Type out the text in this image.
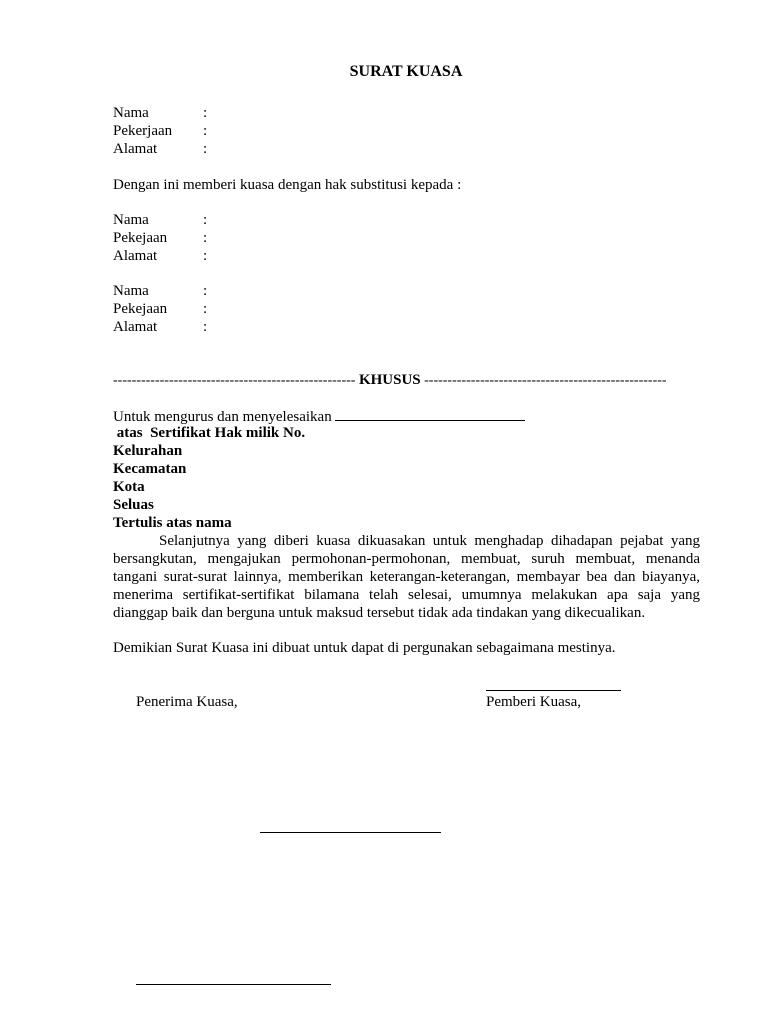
SURAT KUASA
Nama	:
Pekerjaan :
Alamat	:
Dengan ini memberi kuasa dengan hak substitusi kepada :
Nama	:
Pekejaan :
Alamat	:
Nama	:
Pekejaan :
Alamat	:
---------------------------------------------------- KHUSUS ----------------------------------------------------
Untuk mengurus dan menyelesaikan
atas  Sertifikat Hak milik No.
Kelurahan
Kecamatan
Kota
Seluas
Tertulis atas nama
Selanjutnya yang diberi kuasa dikuasakan untuk menghadap dihadapan pejabat yang bersangkutan, mengajukan permohonan-permohonan, membuat, suruh membuat, menanda tangani surat-surat lainnya, memberikan keterangan-keterangan, membayar bea dan biayanya, menerima sertifikat-sertifikat bilamana telah selesai, umumnya melakukan apa saja yang dianggap baik dan berguna untuk maksud tersebut tidak ada tindakan yang dikecualikan.
Demikian Surat Kuasa ini dibuat untuk dapat di pergunakan sebagaimana mestinya.
Penerima Kuasa,	Pemberi Kuasa,
